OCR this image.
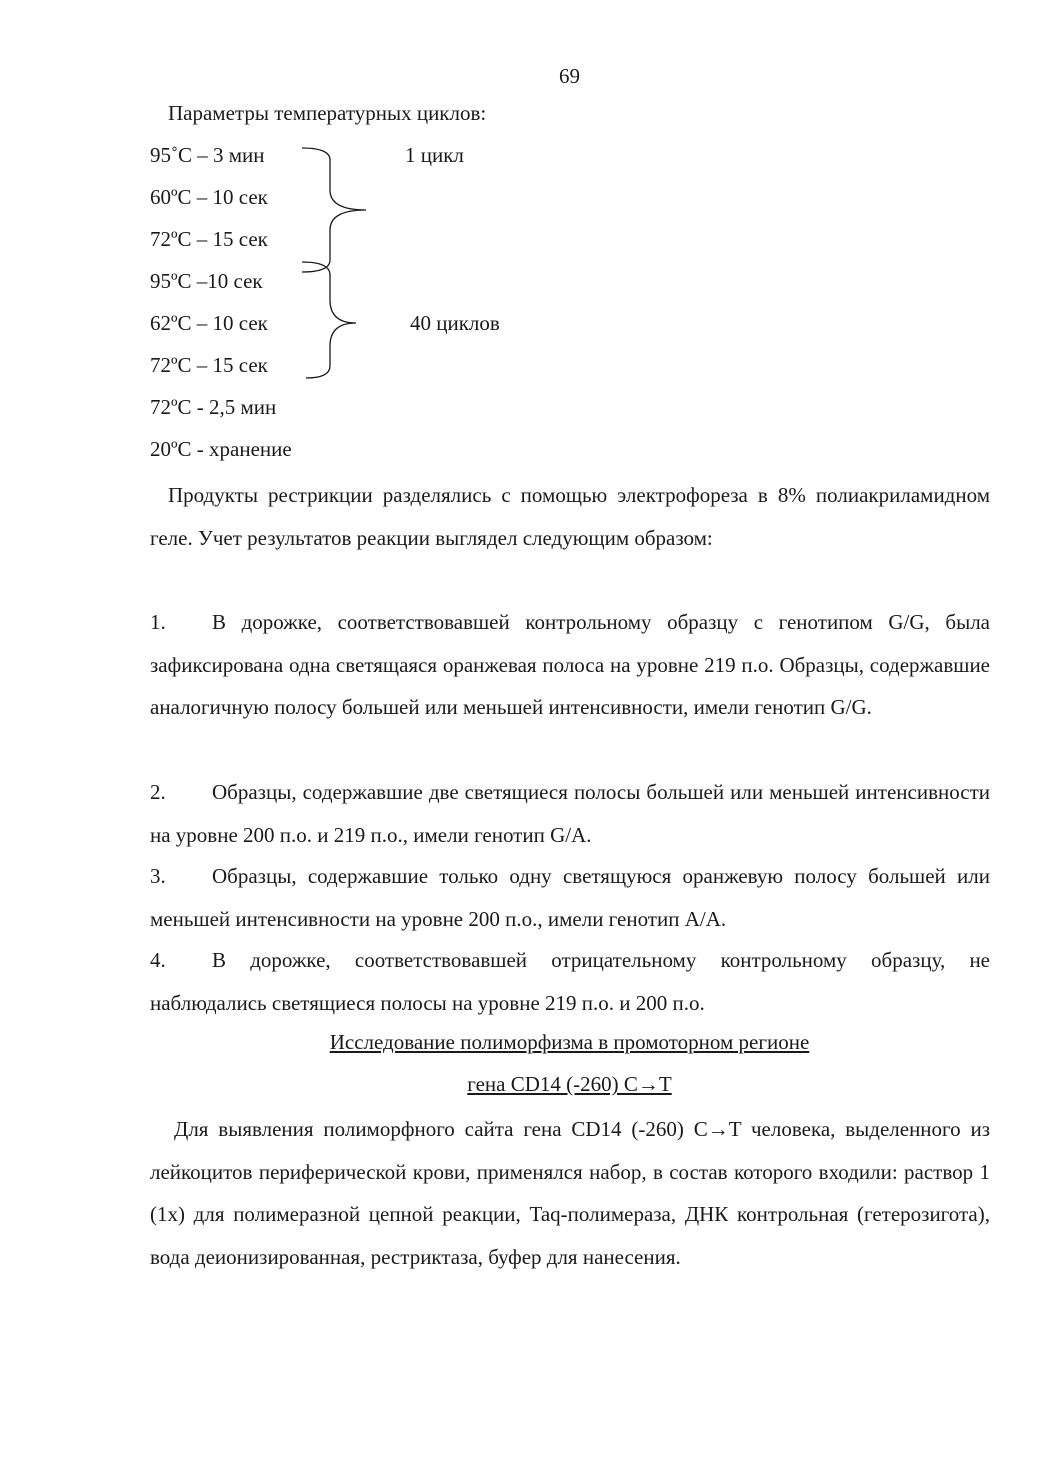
69
Параметры температурных циклов:
95˚С – 3 мин
60ºС – 10 сек
72ºС – 15 сек
95ºС –10 сек
62ºС – 10 сек
72ºС – 15 сек
72ºС - 2,5 мин
20ºС - хранение
1 цикл
40 циклов
Продукты рестрикции разделялись с помощью электрофореза в 8% полиакриламидном геле. Учет результатов реакции выглядел следующим образом:
1. В дорожке, соответствовавшей контрольному образцу с генотипом G/G, была зафиксирована одна светящаяся оранжевая полоса на уровне 219 п.о. Образцы, содержавшие аналогичную полосу большей или меньшей интенсивности, имели генотип G/G.
2. Образцы, содержавшие две светящиеся полосы большей или меньшей интенсивности на уровне 200 п.о. и 219 п.о., имели генотип G/A.
3. Образцы, содержавшие только одну светящуюся оранжевую полосу большей или меньшей интенсивности на уровне 200 п.о., имели генотип A/A.
4. В дорожке, соответствовавшей отрицательному контрольному образцу, не наблюдались светящиеся полосы на уровне 219 п.о. и 200 п.о.
Исследование полиморфизма в промоторном регионе
гена CD14 (-260) C→T
Для выявления полиморфного сайта гена CD14 (-260) C→T человека, выделенного из лейкоцитов периферической крови, применялся набор, в состав которого входили: раствор 1 (1x) для полимеразной цепной реакции, Taq-полимераза, ДНК контрольная (гетерозигота), вода деионизированная, рестриктаза, буфер для нанесения.
